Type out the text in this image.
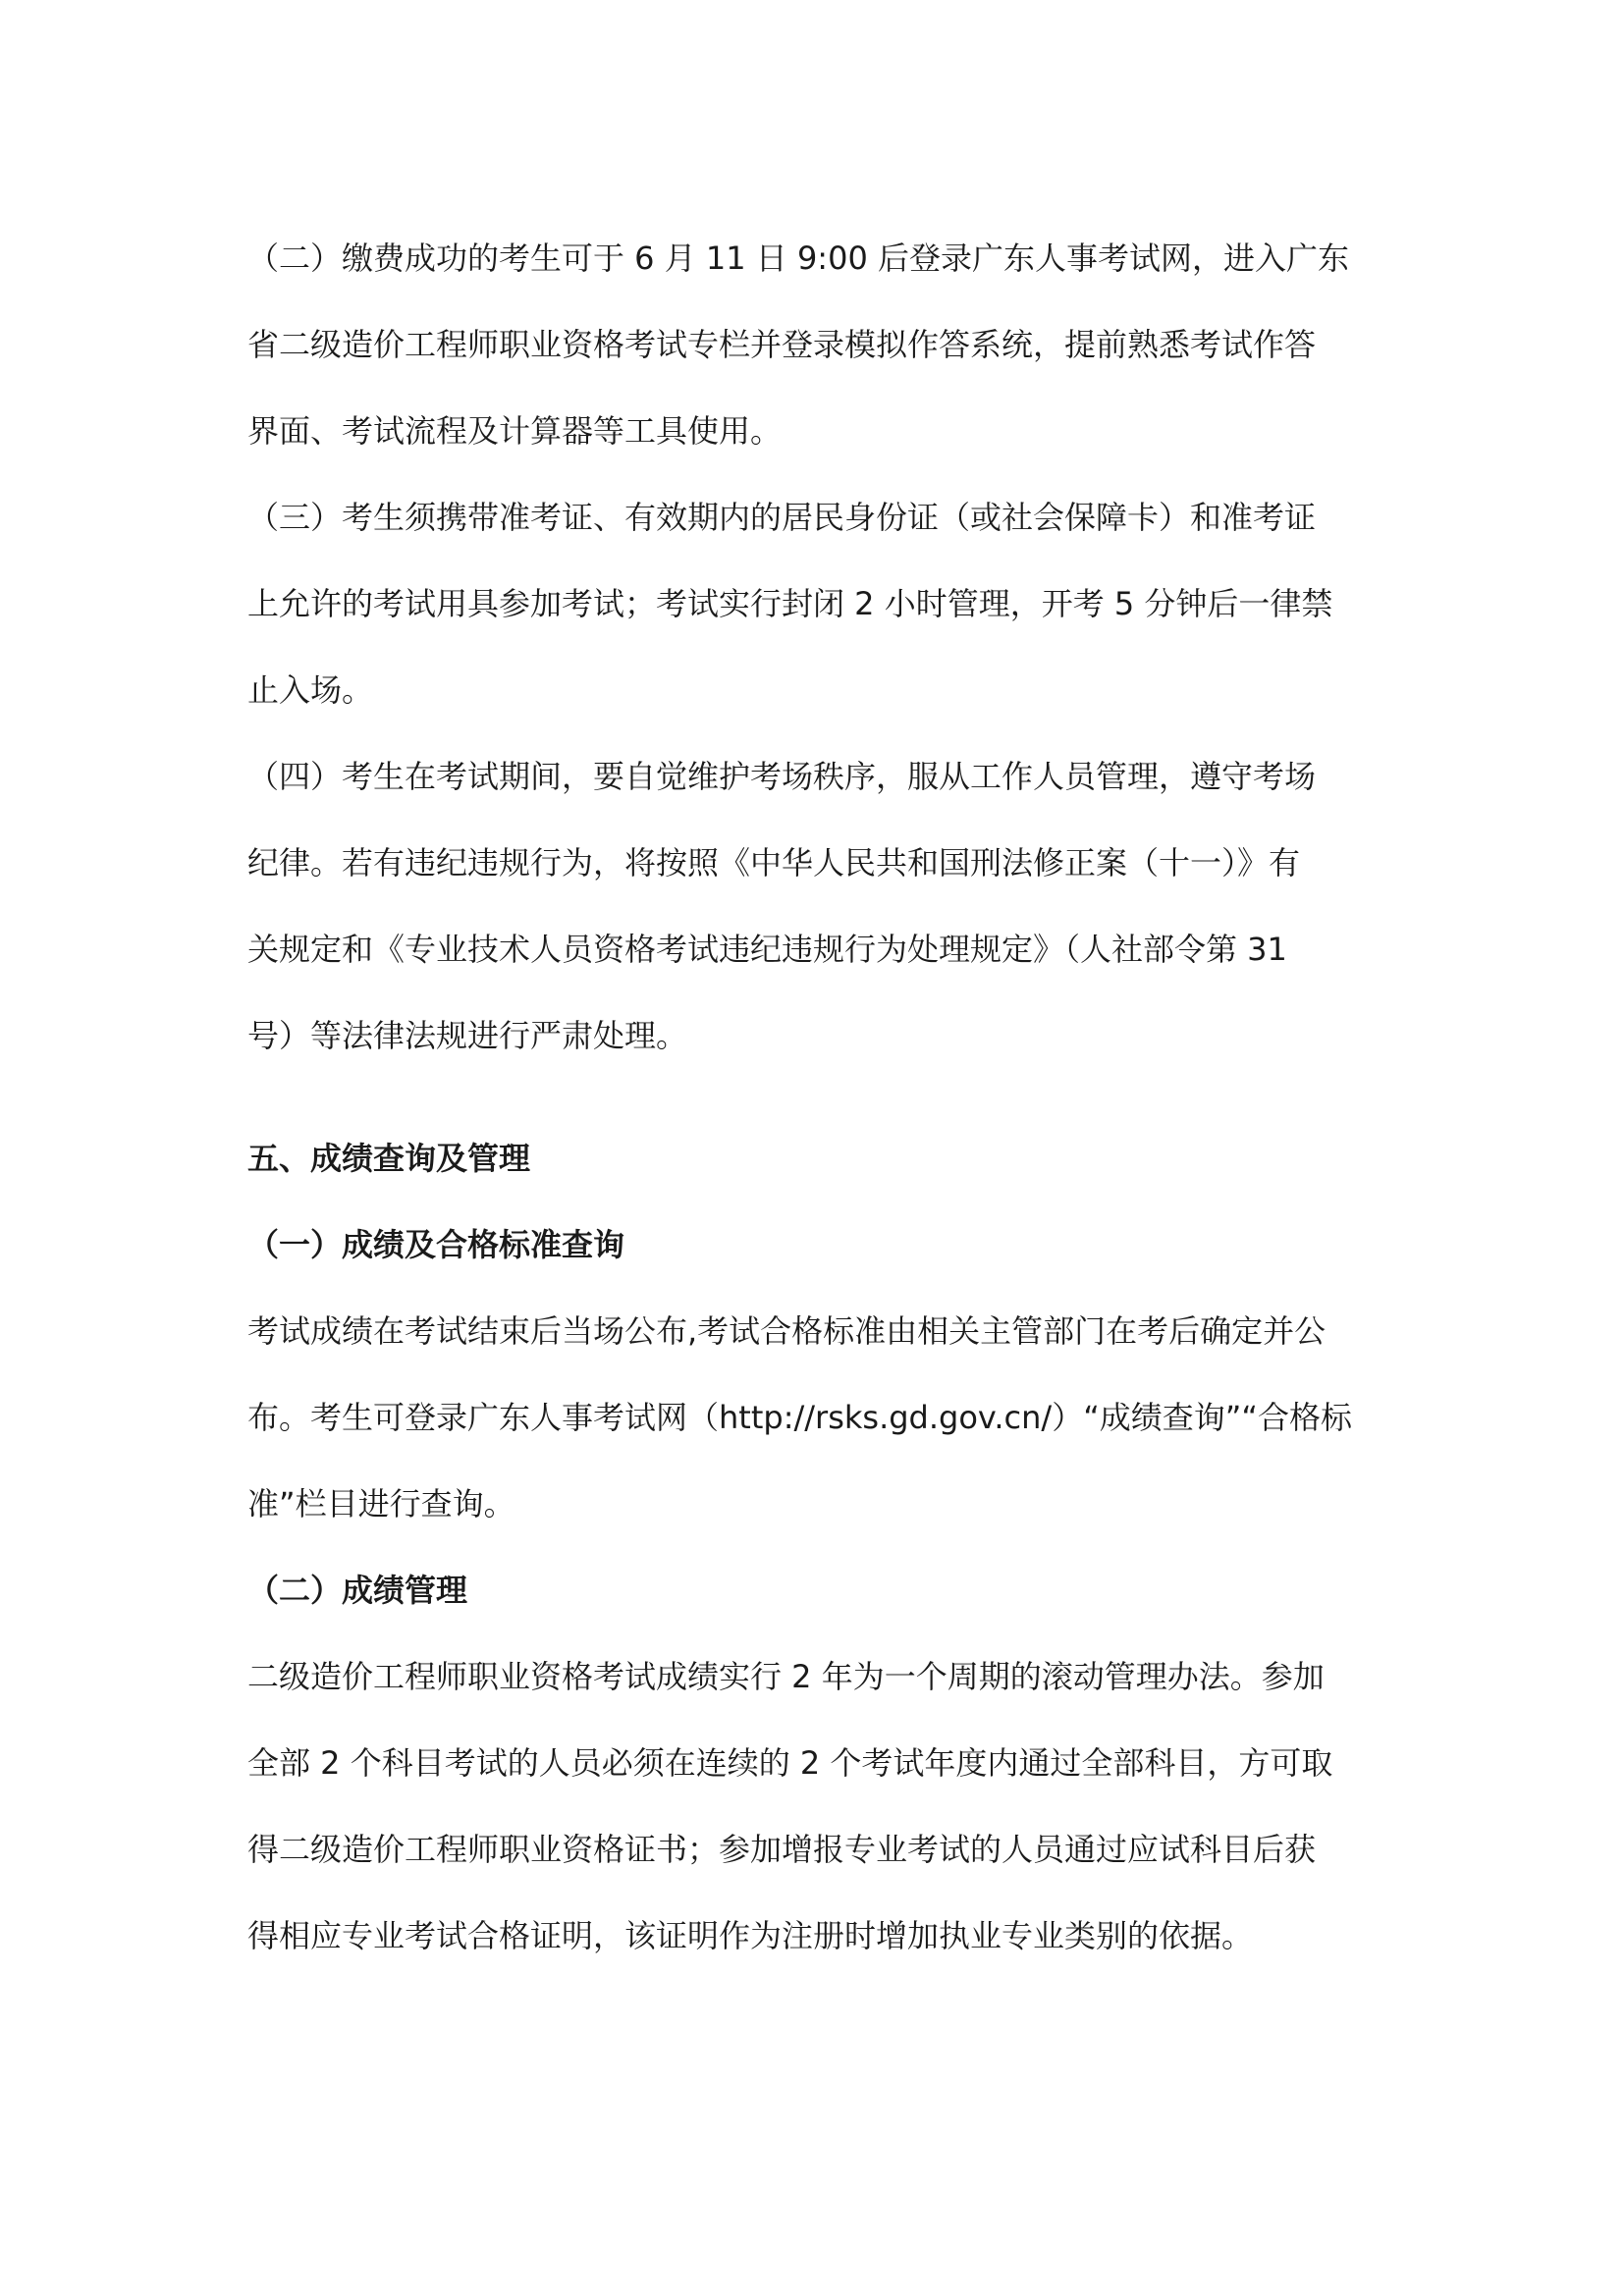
（二）缴费成功的考生可于 6 月 11 日 9:00 后登录广东人事考试网，进入广东
省二级造价工程师职业资格考试专栏并登录模拟作答系统，提前熟悉考试作答
界面、考试流程及计算器等工具使用。
（三）考生须携带准考证、有效期内的居民身份证（或社会保障卡）和准考证
上允许的考试用具参加考试；考试实行封闭 2 小时管理，开考 5 分钟后一律禁
止入场。
（四）考生在考试期间，要自觉维护考场秩序，服从工作人员管理，遵守考场
纪律。若有违纪违规行为，将按照《中华人民共和国刑法修正案（十一）》有
关规定和《专业技术人员资格考试违纪违规行为处理规定》（人社部令第 31
号）等法律法规进行严肃处理。
五、成绩查询及管理
（一）成绩及合格标准查询
考试成绩在考试结束后当场公布,考试合格标准由相关主管部门在考后确定并公
布。考生可登录广东人事考试网（http://rsks.gd.gov.cn/）“成绩查询”“合格标
准”栏目进行查询。
（二）成绩管理
二级造价工程师职业资格考试成绩实行 2 年为一个周期的滚动管理办法。参加
全部 2 个科目考试的人员必须在连续的 2 个考试年度内通过全部科目，方可取
得二级造价工程师职业资格证书；参加增报专业考试的人员通过应试科目后获
得相应专业考试合格证明，该证明作为注册时增加执业专业类别的依据。
